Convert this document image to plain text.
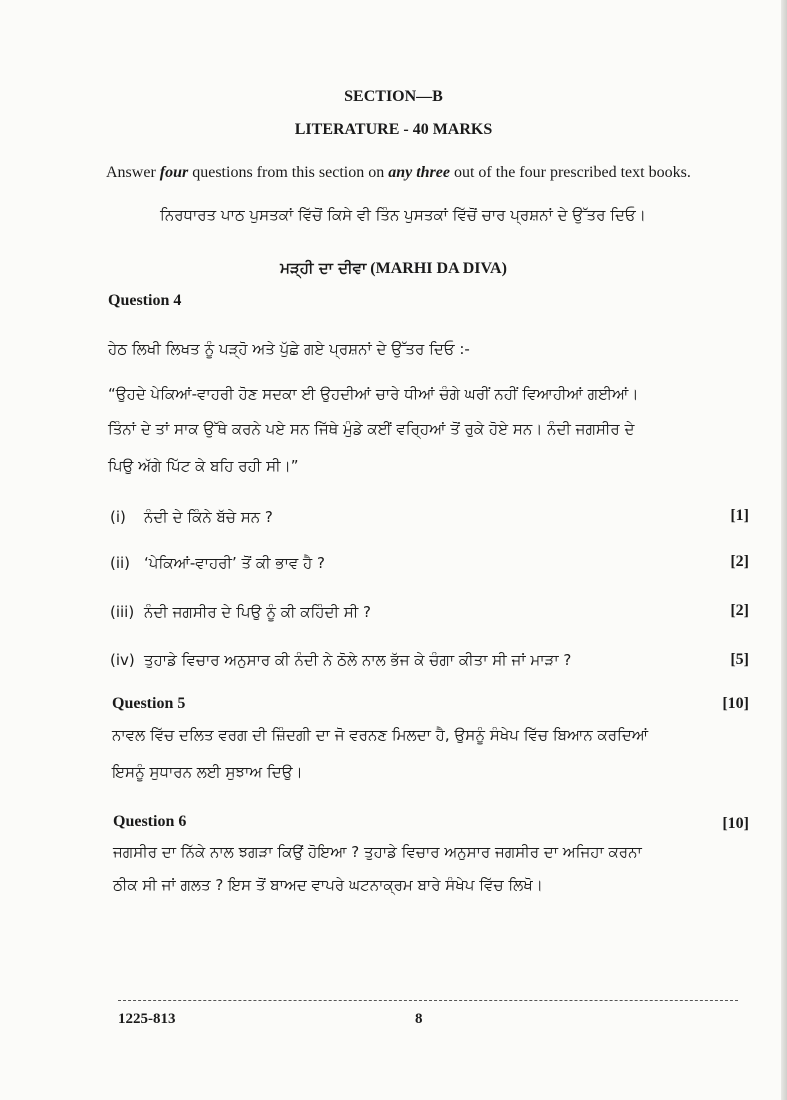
SECTION—B
LITERATURE - 40 MARKS
Answer four questions from this section on any three out of the four prescribed text books.
ਨਿਰਧਾਰਤ ਪਾਠ ਪੁਸਤਕਾਂ ਵਿੱਚੋਂ ਕਿਸੇ ਵੀ ਤਿੰਨ ਪੁਸਤਕਾਂ ਵਿੱਚੋਂ ਚਾਰ ਪ੍ਰਸ਼ਨਾਂ ਦੇ ਉੱਤਰ ਦਿਓ।
ਮੜ੍ਹੀ ਦਾ ਦੀਵਾ (MARHI DA DIVA)
Question 4
ਹੇਠ ਲਿਖੀ ਲਿਖਤ ਨੂੰ ਪੜ੍ਹੋ ਅਤੇ ਪੁੱਛੇ ਗਏ ਪ੍ਰਸ਼ਨਾਂ ਦੇ ਉੱਤਰ ਦਿਓ :-
“ਉਹਦੇ ਪੇਕਿਆਂ-ਵਾਹਰੀ ਹੋਣ ਸਦਕਾ ਈ ਉਹਦੀਆਂ ਚਾਰੇ ਧੀਆਂ ਚੰਗੇ ਘਰੀਂ ਨਹੀਂ ਵਿਆਹੀਆਂ ਗਈਆਂ।
ਤਿੰਨਾਂ ਦੇ ਤਾਂ ਸਾਕ ਉੱਥੇ ਕਰਨੇ ਪਏ ਸਨ ਜਿੱਥੇ ਮੁੰਡੇ ਕਈਂ ਵਰ੍ਹਿਆਂ ਤੋਂ ਰੁਕੇ ਹੋਏ ਸਨ। ਨੰਦੀ ਜਗਸੀਰ ਦੇ
ਪਿਉ ਅੱਗੇ ਪਿੱਟ ਕੇ ਬਹਿ ਰਹੀ ਸੀ।”
(i) ਨੰਦੀ ਦੇ ਕਿੰਨੇ ਬੱਚੇ ਸਨ ?	[1]
(ii) ‘ਪੇਕਿਆਂ-ਵਾਹਰੀ’ ਤੋਂ ਕੀ ਭਾਵ ਹੈ ?	[2]
(iii) ਨੰਦੀ ਜਗਸੀਰ ਦੇ ਪਿਉ ਨੂੰ ਕੀ ਕਹਿੰਦੀ ਸੀ ?	[2]
(iv) ਤੁਹਾਡੇ ਵਿਚਾਰ ਅਨੁਸਾਰ ਕੀ ਨੰਦੀ ਨੇ ਠੋਲੇ ਨਾਲ ਭੱਜ ਕੇ ਚੰਗਾ ਕੀਤਾ ਸੀ ਜਾਂ ਮਾੜਾ ?	[5]
Question 5	[10]
ਨਾਵਲ ਵਿੱਚ ਦਲਿਤ ਵਰਗ ਦੀ ਜ਼ਿੰਦਗੀ ਦਾ ਜੋ ਵਰਨਣ ਮਿਲਦਾ ਹੈ, ਉਸਨੂੰ ਸੰਖੇਪ ਵਿੱਚ ਬਿਆਨ ਕਰਦਿਆਂ
ਇਸਨੂੰ ਸੁਧਾਰਨ ਲਈ ਸੁਝਾਅ ਦਿਉ।
Question 6	[10]
ਜਗਸੀਰ ਦਾ ਨਿੱਕੇ ਨਾਲ ਝਗੜਾ ਕਿਉਂ ਹੋਇਆ ? ਤੁਹਾਡੇ ਵਿਚਾਰ ਅਨੁਸਾਰ ਜਗਸੀਰ ਦਾ ਅਜਿਹਾ ਕਰਨਾ
ਠੀਕ ਸੀ ਜਾਂ ਗਲਤ ? ਇਸ ਤੋਂ ਬਾਅਦ ਵਾਪਰੇ ਘਟਨਾਕ੍ਰਮ ਬਾਰੇ ਸੰਖੇਪ ਵਿੱਚ ਲਿਖੋ।
1225-813	8
